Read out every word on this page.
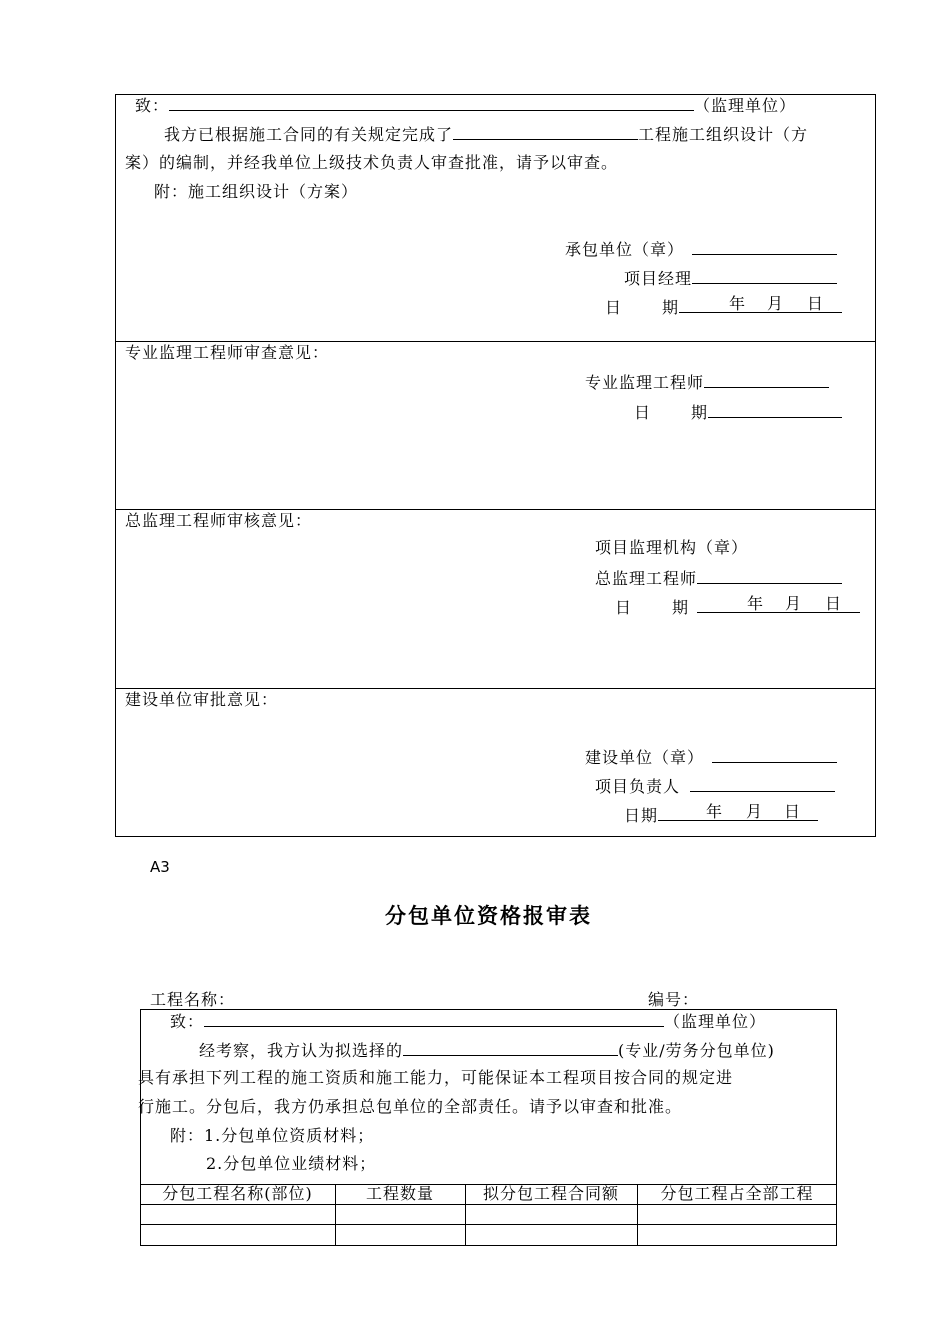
致：	（监理单位）
我方已根据施工合同的有关规定完成了	工程施工组织设计（方
案）的编制，并经我单位上级技术负责人审查批准，请予以审查。
附：施工组织设计（方案）
承包单位（章）
项目经理
日	期	年 月 日
专业监理工程师审查意见：
专业监理工程师
日	期
总监理工程师审核意见：
项目监理机构（章）
总监理工程师
日	期	年 月 日
建设单位审批意见：
建设单位（章）
项目负责人
日期	年 月 日
A3
分包单位资格报审表
工程名称：	编号：
致：	（监理单位）
经考察，我方认为拟选择的	(专业/劳务分包单位)
具有承担下列工程的施工资质和施工能力，可能保证本工程项目按合同的规定进
行施工。分包后，我方仍承担总包单位的全部责任。请予以审查和批准。
附：1.分包单位资质材料；
2.分包单位业绩材料；
分包工程名称(部位)	工程数量	拟分包工程合同额	分包工程占全部工程
